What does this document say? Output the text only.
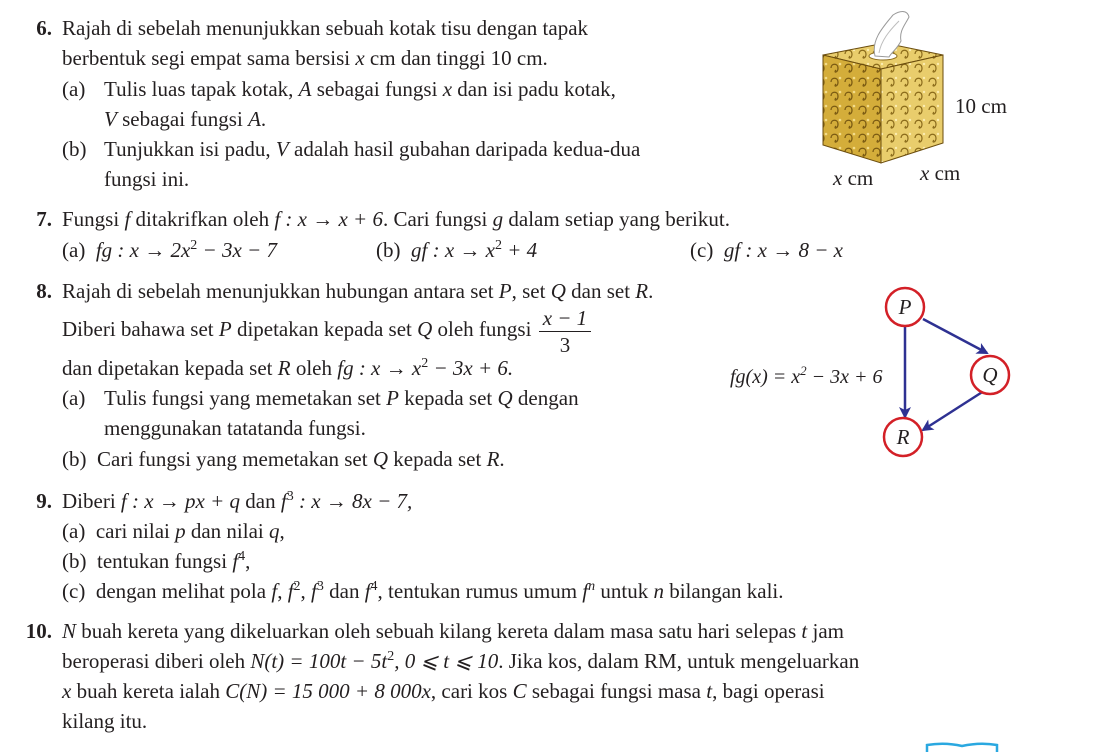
6. Rajah di sebelah menunjukkan sebuah kotak tisu dengan tapak
berbentuk segi empat sama bersisi x cm dan tinggi 10 cm.
(a) Tulis luas tapak kotak, A sebagai fungsi x dan isi padu kotak,
V sebagai fungsi A.
(b) Tunjukkan isi padu, V adalah hasil gubahan daripada kedua-dua
fungsi ini.
10 cm
x cm x cm
7. Fungsi f ditakrifkan oleh f : x → x + 6. Cari fungsi g dalam setiap yang berikut.
(a) fg : $x \to 2x^2 - 3x - 7$	(b) gf : $x \to x^2 + 4$	(c) gf : x → 8 − x
8. Rajah di sebelah menunjukkan hubungan antara set P, set Q dan set R.
Diberi bahawa set P dipetakan kepada set Q oleh fungsi $\frac{x - 1}{3}$
dan dipetakan kepada set R oleh fg : $x \to x^2 - 3x + 6$.
(a) Tulis fungsi yang memetakan set P kepada set Q dengan
menggunakan tatatanda fungsi.
(b) Cari fungsi yang memetakan set Q kepada set R.
P
Q
R
$fg(x) = x^2 - 3x + 6$
9. Diberi f : x → px + q dan $f^3$ : x → 8x − 7,
(a) cari nilai p dan nilai q,
(b) tentukan fungsi $f^4$,
(c) dengan melihat pola f, $f^2$, $f^3$ dan $f^4$, tentukan rumus umum $f^n$ untuk n bilangan kali.
10. N buah kereta yang dikeluarkan oleh sebuah kilang kereta dalam masa satu hari selepas t jam
beroperasi diberi oleh $N(t) = 100t - 5t^2$, 0 ⩽ t ⩽ 10. Jika kos, dalam RM, untuk mengeluarkan
x buah kereta ialah C(N) = 15 000 + 8 000x, cari kos C sebagai fungsi masa t, bagi operasi
kilang itu.
